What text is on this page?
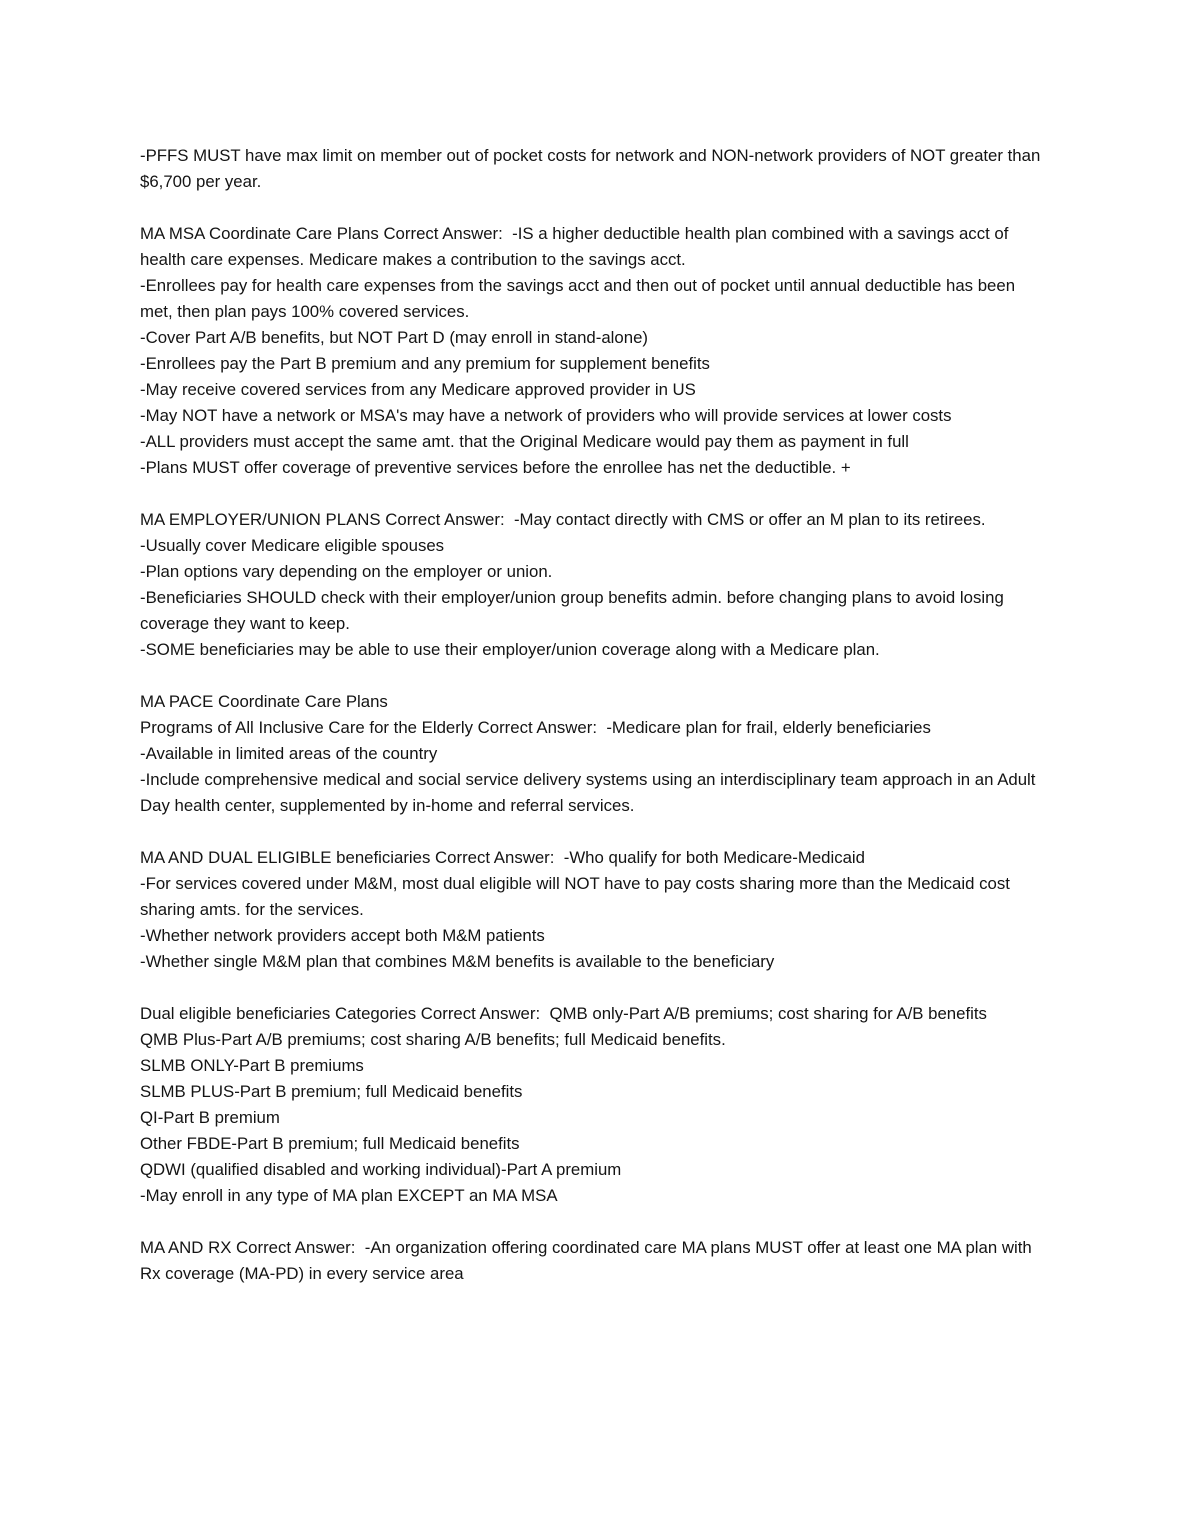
-PFFS MUST have max limit on member out of pocket costs for network and NON-network providers of NOT greater than $6,700 per year.

MA MSA Coordinate Care Plans Correct Answer:  -IS a higher deductible health plan combined with a savings acct of health care expenses. Medicare makes a contribution to the savings acct.

-Enrollees pay for health care expenses from the savings acct and then out of pocket until annual deductible has been met, then plan pays 100% covered services.

-Cover Part A/B benefits, but NOT Part D (may enroll in stand-alone)

-Enrollees pay the Part B premium and any premium for supplement benefits

-May receive covered services from any Medicare approved provider in US

-May NOT have a network or MSA's may have a network of providers who will provide services at lower costs

-ALL providers must accept the same amt. that the Original Medicare would pay them as payment in full

-Plans MUST offer coverage of preventive services before the enrollee has net the deductible. +

MA EMPLOYER/UNION PLANS Correct Answer:  -May contact directly with CMS or offer an M plan to its retirees.

-Usually cover Medicare eligible spouses

-Plan options vary depending on the employer or union.

-Beneficiaries SHOULD check with their employer/union group benefits admin. before changing plans to avoid losing coverage they want to keep.

-SOME beneficiaries may be able to use their employer/union coverage along with a Medicare plan.

MA PACE Coordinate Care Plans

Programs of All Inclusive Care for the Elderly Correct Answer:  -Medicare plan for frail, elderly beneficiaries

-Available in limited areas of the country

-Include comprehensive medical and social service delivery systems using an interdisciplinary team approach in an Adult Day health center, supplemented by in-home and referral services.

MA AND DUAL ELIGIBLE beneficiaries Correct Answer:  -Who qualify for both Medicare-Medicaid

-For services covered under M&M, most dual eligible will NOT have to pay costs sharing more than the Medicaid cost sharing amts. for the services.

-Whether network providers accept both M&M patients

-Whether single M&M plan that combines M&M benefits is available to the beneficiary

Dual eligible beneficiaries Categories Correct Answer:  QMB only-Part A/B premiums; cost sharing for A/B benefits

QMB Plus-Part A/B premiums; cost sharing A/B benefits; full Medicaid benefits.

SLMB ONLY-Part B premiums

SLMB PLUS-Part B premium; full Medicaid benefits

QI-Part B premium

Other FBDE-Part B premium; full Medicaid benefits

QDWI (qualified disabled and working individual)-Part A premium

-May enroll in any type of MA plan EXCEPT an MA MSA

MA AND RX Correct Answer:  -An organization offering coordinated care MA plans MUST offer at least one MA plan with Rx coverage (MA-PD) in every service area
